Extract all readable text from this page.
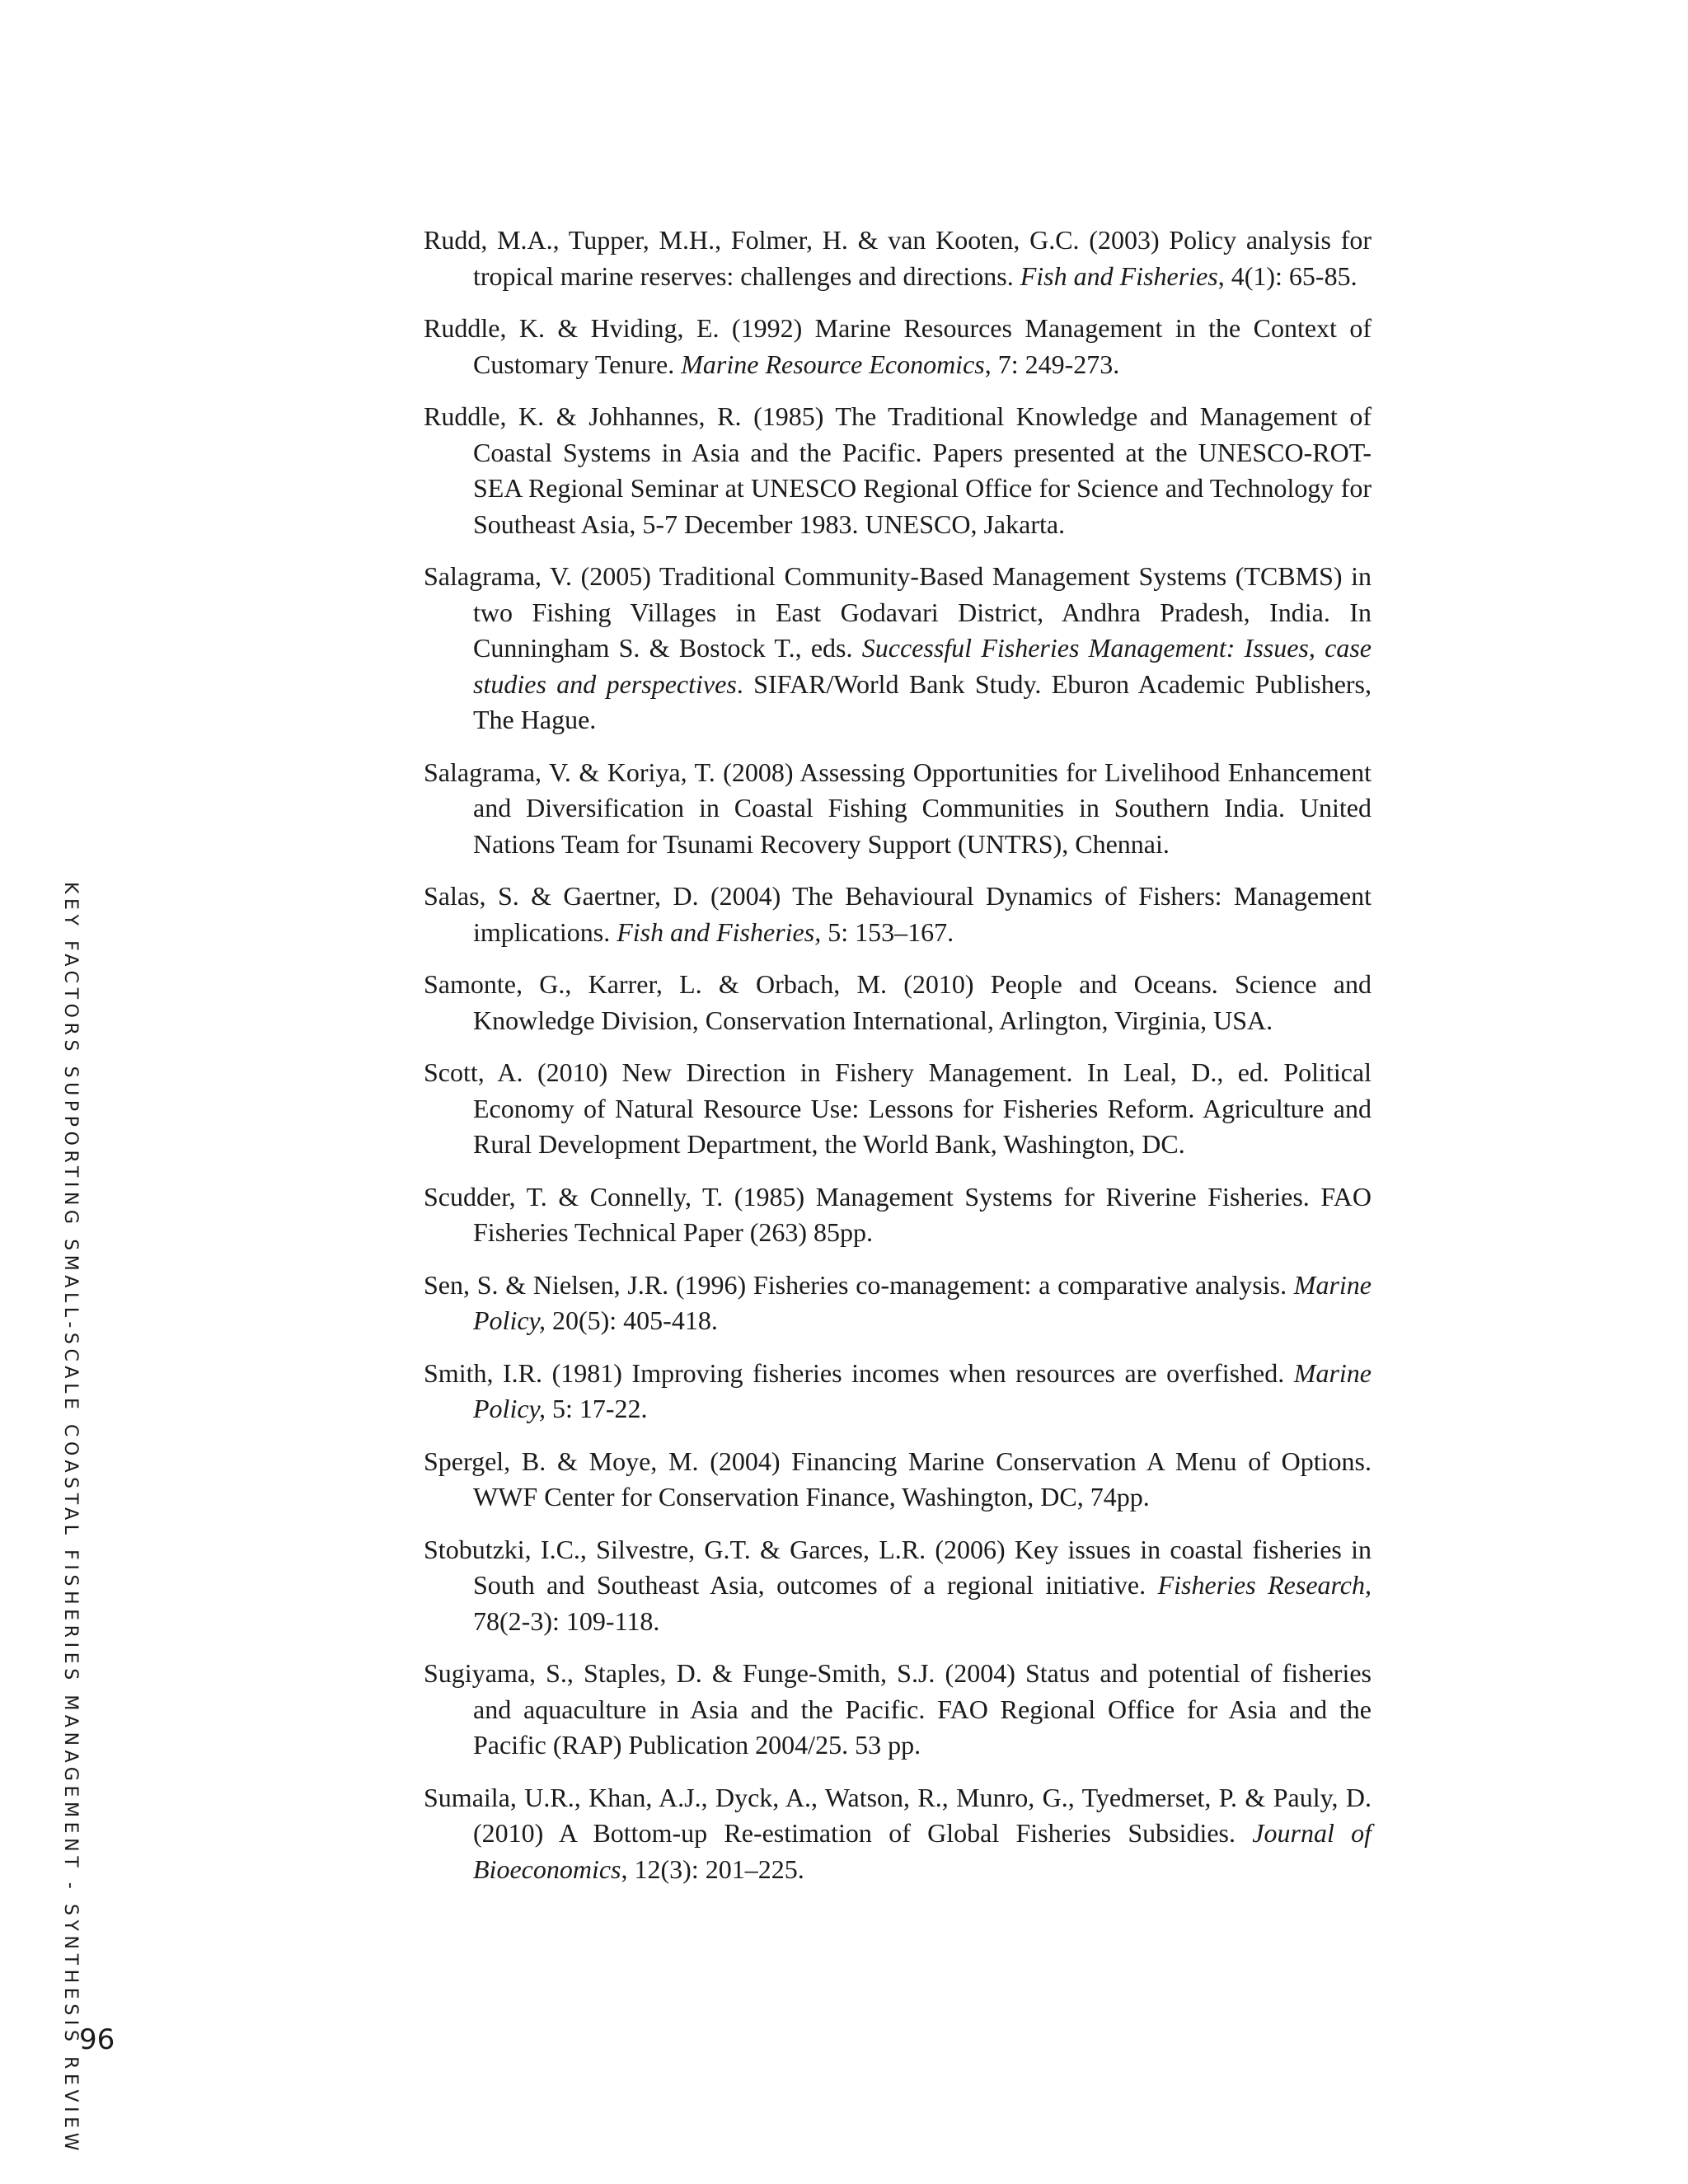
KEY FACTORS SUPPORTING SMALL-SCALE COASTAL FISHERIES MANAGEMENT - SYNTHESIS REVIEW

Rudd, M.A., Tupper, M.H., Folmer, H. & van Kooten, G.C. (2003) Policy analysis for tropical marine reserves: challenges and directions. Fish and Fisheries, 4(1): 65-85.

Ruddle, K. & Hviding, E. (1992) Marine Resources Management in the Context of Customary Tenure. Marine Resource Economics, 7: 249-273.

Ruddle, K. & Johhannes, R. (1985) The Traditional Knowledge and Management of Coastal Systems in Asia and the Pacific. Papers presented at the UNESCO-ROT-SEA Regional Seminar at UNESCO Regional Office for Science and Technology for Southeast Asia, 5-7 December 1983. UNESCO, Jakarta.

Salagrama, V. (2005) Traditional Community-Based Management Systems (TCBMS) in two Fishing Villages in East Godavari District, Andhra Pradesh, India. In Cunningham S. & Bostock T., eds. Successful Fisheries Management: Issues, case studies and perspectives. SIFAR/World Bank Study. Eburon Academic Publishers, The Hague.

Salagrama, V. & Koriya, T. (2008) Assessing Opportunities for Livelihood Enhancement and Diversification in Coastal Fishing Communities in Southern India. United Nations Team for Tsunami Recovery Support (UNTRS), Chennai.

Salas, S. & Gaertner, D. (2004) The Behavioural Dynamics of Fishers: Management implications. Fish and Fisheries, 5: 153–167.

Samonte, G., Karrer, L. & Orbach, M. (2010) People and Oceans. Science and Knowledge Division, Conservation International, Arlington, Virginia, USA.

Scott, A. (2010) New Direction in Fishery Management. In Leal, D., ed. Political Economy of Natural Resource Use: Lessons for Fisheries Reform. Agriculture and Rural Development Department, the World Bank, Washington, DC.

Scudder, T. & Connelly, T. (1985) Management Systems for Riverine Fisheries. FAO Fisheries Technical Paper (263) 85pp.

Sen, S. & Nielsen, J.R. (1996) Fisheries co-management: a comparative analysis. Marine Policy, 20(5): 405-418.

Smith, I.R. (1981) Improving fisheries incomes when resources are overfished. Marine Policy, 5: 17-22.

Spergel, B. & Moye, M. (2004) Financing Marine Conservation A Menu of Options. WWF Center for Conservation Finance, Washington, DC, 74pp.

Stobutzki, I.C., Silvestre, G.T. & Garces, L.R. (2006) Key issues in coastal fisheries in South and Southeast Asia, outcomes of a regional initiative. Fisheries Research, 78(2-3): 109-118.

Sugiyama, S., Staples, D. & Funge-Smith, S.J. (2004) Status and potential of fisheries and aquaculture in Asia and the Pacific. FAO Regional Office for Asia and the Pacific (RAP) Publication 2004/25. 53 pp.

Sumaila, U.R., Khan, A.J., Dyck, A., Watson, R., Munro, G., Tyedmerset, P. & Pauly, D. (2010) A Bottom-up Re-estimation of Global Fisheries Subsidies. Journal of Bioeconomics, 12(3): 201–225.

96
